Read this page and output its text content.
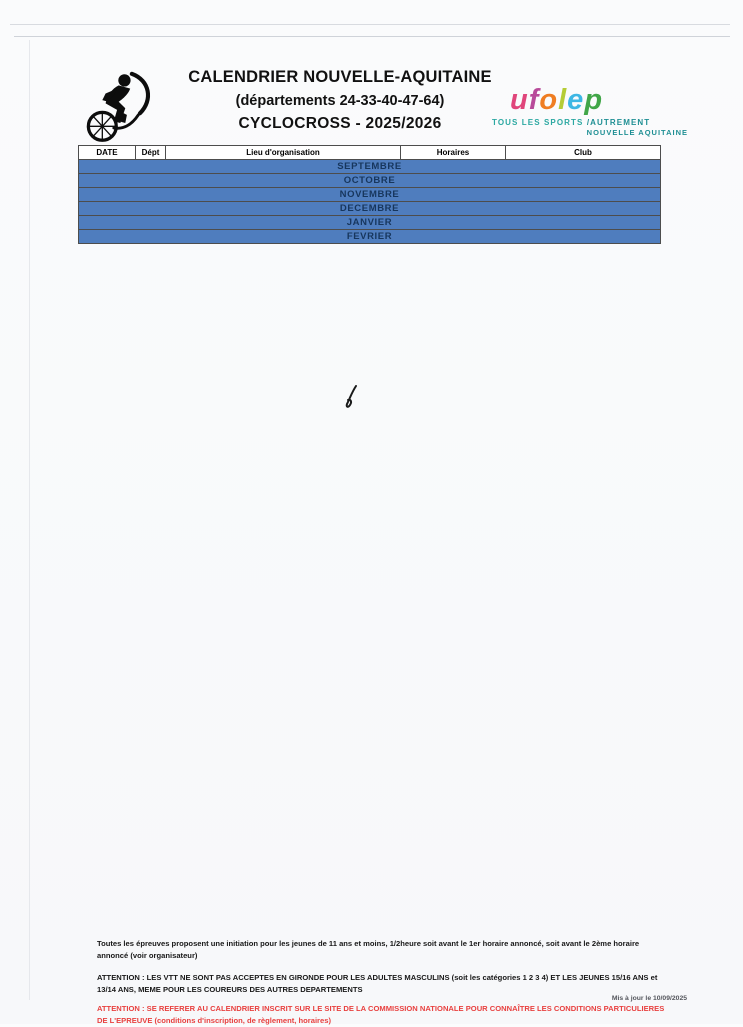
CALENDRIER NOUVELLE-AQUITAINE
(départements 24-33-40-47-64)
CYCLOCROSS - 2025/2026
ufolep
TOUS LES SPORTS /AUTREMENT
NOUVELLE AQUITAINE
DATE	Dépt	Lieu d'organisation	Horaires	Club
SEPTEMBRE
OCTOBRE
NOVEMBRE
DECEMBRE
JANVIER
FEVRIER
Toutes les épreuves proposent une initiation pour les jeunes de 11 ans et moins, 1/2heure soit avant le 1er horaire annoncé, soit avant le 2ème horaire annoncé (voir organisateur)
ATTENTION : LES VTT NE SONT PAS ACCEPTES EN GIRONDE POUR LES ADULTES MASCULINS (soit les catégories 1 2 3 4) ET LES JEUNES 15/16 ANS et 13/14 ANS, MEME POUR LES COUREURS DES AUTRES DEPARTEMENTS
Mis à jour le 10/09/2025
ATTENTION : SE REFERER AU CALENDRIER INSCRIT SUR LE SITE DE LA COMMISSION NATIONALE POUR CONNAÎTRE LES CONDITIONS PARTICULIERES DE L'EPREUVE (conditions d'inscription, de règlement, horaires)
